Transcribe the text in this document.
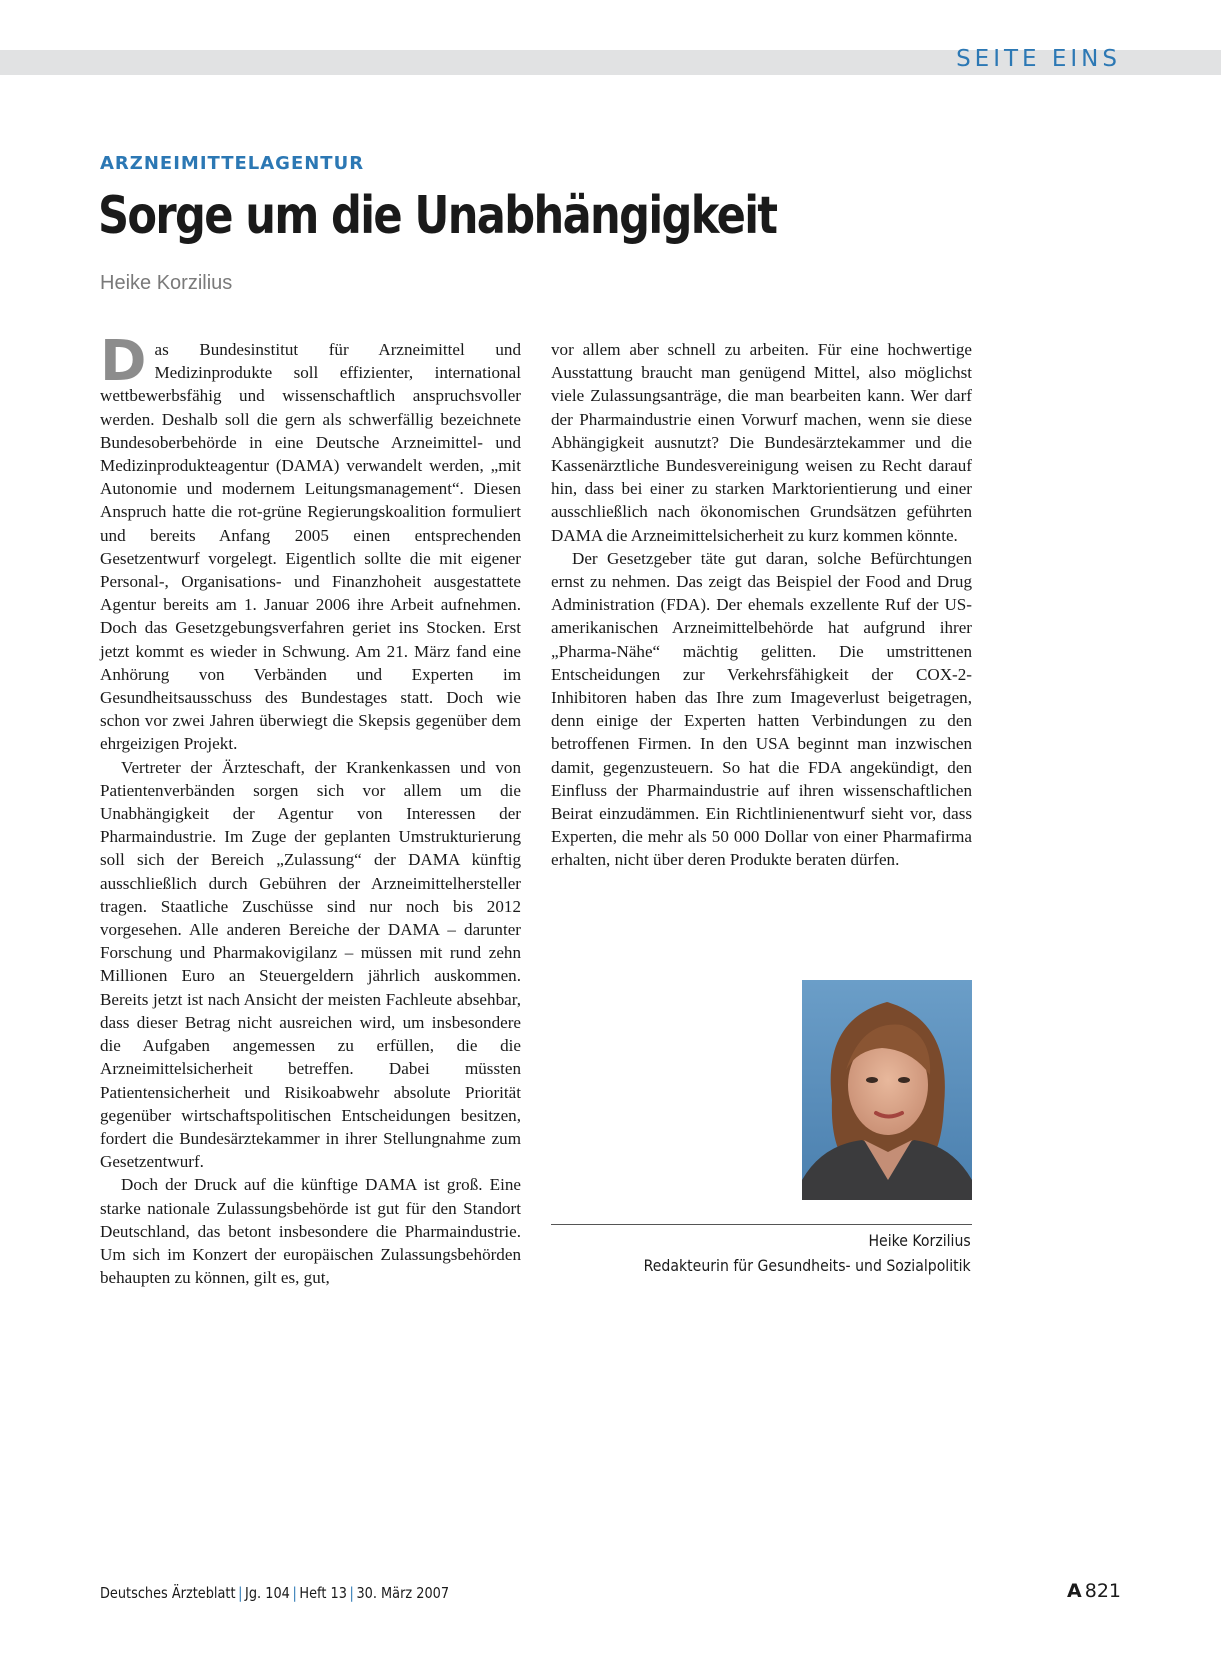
SEITE EINS
ARZNEIMITTELAGENTUR
Sorge um die Unabhängigkeit
Heike Korzilius

Das Bundesinstitut für Arzneimittel und Medizinprodukte soll effizienter, international wettbewerbsfähig und wissenschaftlich anspruchsvoller werden. Deshalb soll die gern als schwerfällig bezeichnete Bundesoberbehörde in eine Deutsche Arzneimittel- und Medizinprodukteagentur (DAMA) verwandelt werden, „mit Autonomie und modernem Leitungsmanagement“. Diesen Anspruch hatte die rot-grüne Regierungskoalition formuliert und bereits Anfang 2005 einen entsprechenden Gesetzentwurf vorgelegt. Eigentlich sollte die mit eigener Personal-, Organisations- und Finanzhoheit ausgestattete Agentur bereits am 1. Januar 2006 ihre Arbeit aufnehmen. Doch das Gesetzgebungsverfahren geriet ins Stocken. Erst jetzt kommt es wieder in Schwung. Am 21. März fand eine Anhörung von Verbänden und Experten im Gesundheitsausschuss des Bundestages statt. Doch wie schon vor zwei Jahren überwiegt die Skepsis gegenüber dem ehrgeizigen Projekt.

Vertreter der Ärzteschaft, der Krankenkassen und von Patientenverbänden sorgen sich vor allem um die Unabhängigkeit der Agentur von Interessen der Pharmaindustrie. Im Zuge der geplanten Umstrukturierung soll sich der Bereich „Zulassung“ der DAMA künftig ausschließlich durch Gebühren der Arzneimittelhersteller tragen. Staatliche Zuschüsse sind nur noch bis 2012 vorgesehen. Alle anderen Bereiche der DAMA – darunter Forschung und Pharmakovigilanz – müssen mit rund zehn Millionen Euro an Steuergeldern jährlich auskommen. Bereits jetzt ist nach Ansicht der meisten Fachleute absehbar, dass dieser Betrag nicht ausreichen wird, um insbesondere die Aufgaben angemessen zu erfüllen, die die Arzneimittelsicherheit betreffen. Dabei müssten Patientensicherheit und Risikoabwehr absolute Priorität gegenüber wirtschaftspolitischen Entscheidungen besitzen, fordert die Bundesärztekammer in ihrer Stellungnahme zum Gesetzentwurf.

Doch der Druck auf die künftige DAMA ist groß. Eine starke nationale Zulassungsbehörde ist gut für den Standort Deutschland, das betont insbesondere die Pharmaindustrie. Um sich im Konzert der europäischen Zulassungsbehörden behaupten zu können, gilt es, gut,

vor allem aber schnell zu arbeiten. Für eine hochwertige Ausstattung braucht man genügend Mittel, also möglichst viele Zulassungsanträge, die man bearbeiten kann. Wer darf der Pharmaindustrie einen Vorwurf machen, wenn sie diese Abhängigkeit ausnutzt? Die Bundesärztekammer und die Kassenärztliche Bundesvereinigung weisen zu Recht darauf hin, dass bei einer zu starken Marktorientierung und einer ausschließlich nach ökonomischen Grundsätzen geführten DAMA die Arzneimittelsicherheit zu kurz kommen könnte.

Der Gesetzgeber täte gut daran, solche Befürchtungen ernst zu nehmen. Das zeigt das Beispiel der Food and Drug Administration (FDA). Der ehemals exzellente Ruf der US-amerikanischen Arzneimittelbehörde hat aufgrund ihrer „Pharma-Nähe“ mächtig gelitten. Die umstrittenen Entscheidungen zur Verkehrsfähigkeit der COX-2-Inhibitoren haben das Ihre zum Imageverlust beigetragen, denn einige der Experten hatten Verbindungen zu den betroffenen Firmen. In den USA beginnt man inzwischen damit, gegenzusteuern. So hat die FDA angekündigt, den Einfluss der Pharmaindustrie auf ihren wissenschaftlichen Beirat einzudämmen. Ein Richtlinienentwurf sieht vor, dass Experten, die mehr als 50 000 Dollar von einer Pharmafirma erhalten, nicht über deren Produkte beraten dürfen.

Heike Korzilius
Redakteurin für Gesundheits- und Sozialpolitik
Deutsches Ärzteblatt | Jg. 104 | Heft 13 | 30. März 2007	A 821
